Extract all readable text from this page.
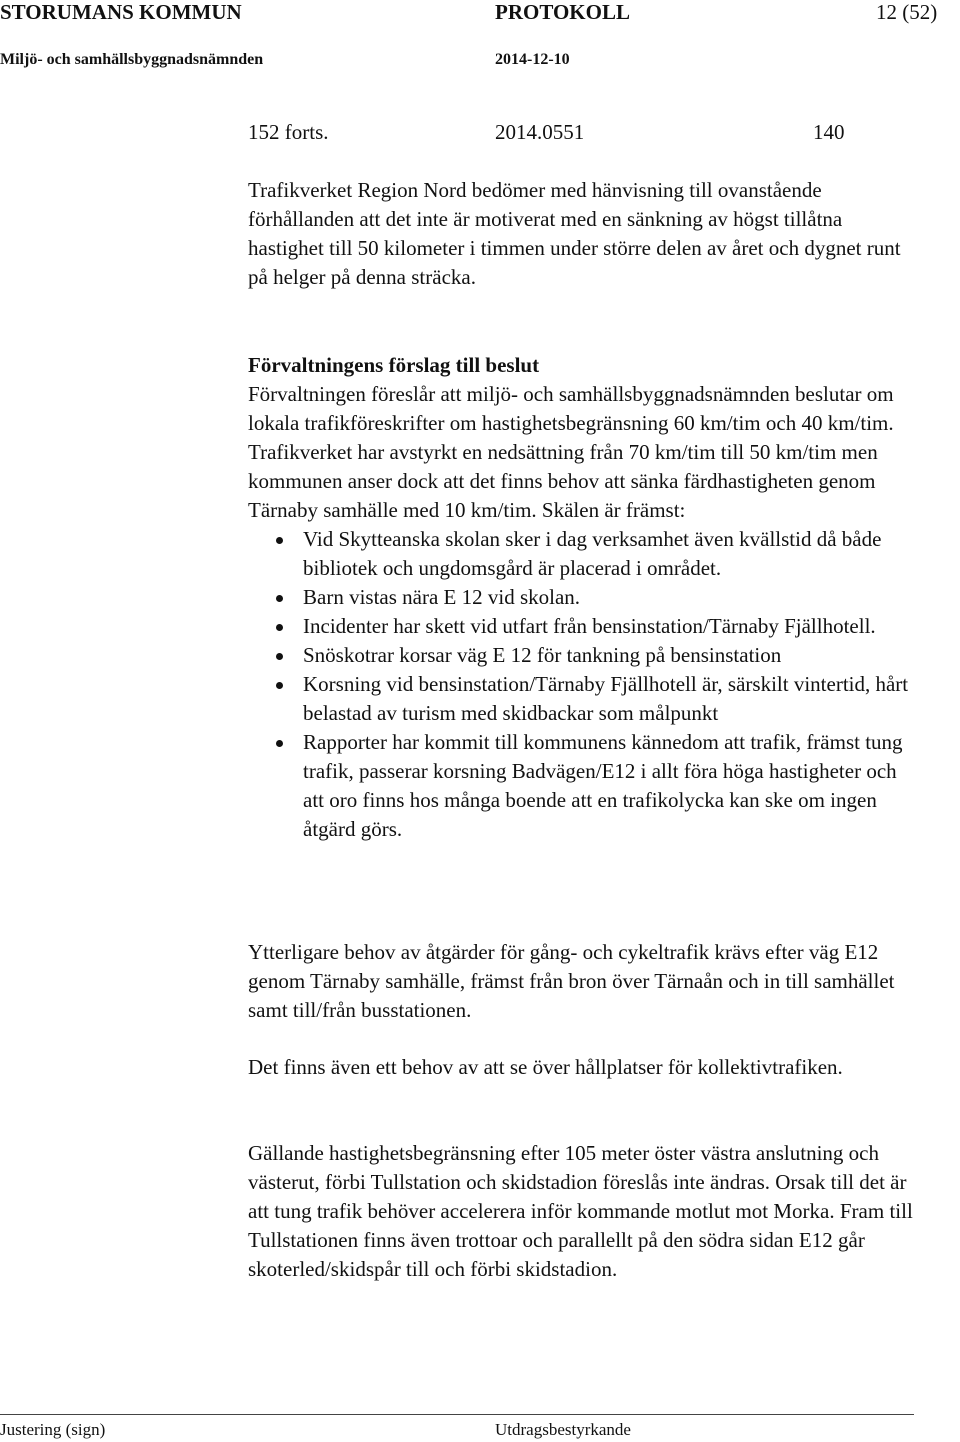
STORUMANS KOMMUN	PROTOKOLL	12 (52)
Miljö- och samhällsbyggnadsnämnden	2014-12-10
152 forts.	2014.0551	140

Trafikverket Region Nord bedömer med hänvisning till ovanstående förhållanden att det inte är motiverat med en sänkning av högst tillåtna hastighet till 50 kilometer i timmen under större delen av året och dygnet runt på helger på denna sträcka.

Förvaltningens förslag till beslut

Förvaltningen föreslår att miljö- och samhällsbyggnadsnämnden beslutar om lokala trafikföreskrifter om hastighetsbegränsning 60 km/tim och 40 km/tim. Trafikverket har avstyrkt en nedsättning från 70 km/tim till 50 km/tim men kommunen anser dock att det finns behov att sänka färdhastigheten genom Tärnaby samhälle med 10 km/tim. Skälen är främst:

Vid Skytteanska skolan sker i dag verksamhet även kvällstid då både bibliotek och ungdomsgård är placerad i området.
Barn vistas nära E 12 vid skolan.
Incidenter har skett vid utfart från bensinstation/Tärnaby Fjällhotell.
Snöskotrar korsar väg E 12 för tankning på bensinstation
Korsning vid bensinstation/Tärnaby Fjällhotell är, särskilt vintertid, hårt belastad av turism med skidbackar som målpunkt
Rapporter har kommit till kommunens kännedom att trafik, främst tung trafik, passerar korsning Badvägen/E12 i allt föra höga hastigheter och att oro finns hos många boende att en trafikolycka kan ske om ingen åtgärd görs.

Ytterligare behov av åtgärder för gång- och cykeltrafik krävs efter väg E12 genom Tärnaby samhälle, främst från bron över Tärnaån och in till samhället samt till/från busstationen.

Det finns även ett behov av att se över hållplatser för kollektivtrafiken.

Gällande hastighetsbegränsning efter 105 meter öster västra anslutning och västerut, förbi Tullstation och skidstadion föreslås inte ändras. Orsak till det är att tung trafik behöver accelerera inför kommande motlut mot Morka. Fram till Tullstationen finns även trottoar och parallellt på den södra sidan E12 går skoterled/skidspår till och förbi skidstadion.

Justering (sign)	Utdragsbestyrkande
